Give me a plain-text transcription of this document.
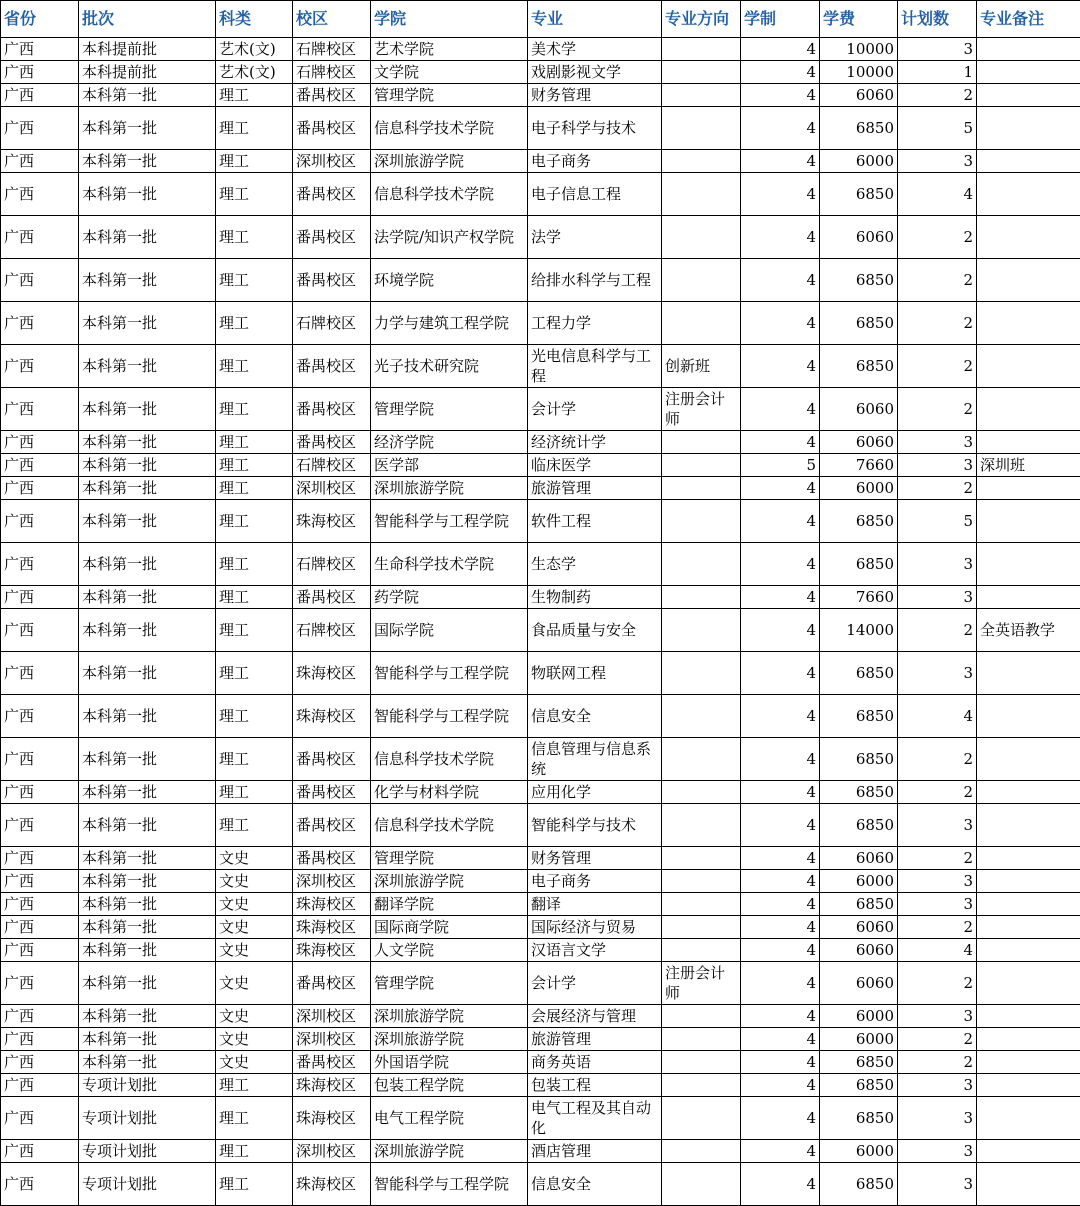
省份	批次	科类	校区	学院	专业	专业方向	学制	学费	计划数	专业备注
广西	本科提前批	艺术(文)	石牌校区	艺术学院	美术学		4	10000	3	
广西	本科提前批	艺术(文)	石牌校区	文学院	戏剧影视文学		4	10000	1	
广西	本科第一批	理工	番禺校区	管理学院	财务管理		4	6060	2	
广西	本科第一批	理工	番禺校区	信息科学技术学院	电子科学与技术		4	6850	5	
广西	本科第一批	理工	深圳校区	深圳旅游学院	电子商务		4	6000	3	
广西	本科第一批	理工	番禺校区	信息科学技术学院	电子信息工程		4	6850	4	
广西	本科第一批	理工	番禺校区	法学院/知识产权学院	法学		4	6060	2	
广西	本科第一批	理工	番禺校区	环境学院	给排水科学与工程		4	6850	2	
广西	本科第一批	理工	石牌校区	力学与建筑工程学院	工程力学		4	6850	2	
广西	本科第一批	理工	番禺校区	光子技术研究院	光电信息科学与工程	创新班	4	6850	2	
广西	本科第一批	理工	番禺校区	管理学院	会计学	注册会计师	4	6060	2	
广西	本科第一批	理工	番禺校区	经济学院	经济统计学		4	6060	3	
广西	本科第一批	理工	石牌校区	医学部	临床医学		5	7660	3	深圳班
广西	本科第一批	理工	深圳校区	深圳旅游学院	旅游管理		4	6000	2	
广西	本科第一批	理工	珠海校区	智能科学与工程学院	软件工程		4	6850	5	
广西	本科第一批	理工	石牌校区	生命科学技术学院	生态学		4	6850	3	
广西	本科第一批	理工	番禺校区	药学院	生物制药		4	7660	3	
广西	本科第一批	理工	石牌校区	国际学院	食品质量与安全		4	14000	2	全英语教学
广西	本科第一批	理工	珠海校区	智能科学与工程学院	物联网工程		4	6850	3	
广西	本科第一批	理工	珠海校区	智能科学与工程学院	信息安全		4	6850	4	
广西	本科第一批	理工	番禺校区	信息科学技术学院	信息管理与信息系统		4	6850	2	
广西	本科第一批	理工	番禺校区	化学与材料学院	应用化学		4	6850	2	
广西	本科第一批	理工	番禺校区	信息科学技术学院	智能科学与技术		4	6850	3	
广西	本科第一批	文史	番禺校区	管理学院	财务管理		4	6060	2	
广西	本科第一批	文史	深圳校区	深圳旅游学院	电子商务		4	6000	3	
广西	本科第一批	文史	珠海校区	翻译学院	翻译		4	6850	3	
广西	本科第一批	文史	珠海校区	国际商学院	国际经济与贸易		4	6060	2	
广西	本科第一批	文史	珠海校区	人文学院	汉语言文学		4	6060	4	
广西	本科第一批	文史	番禺校区	管理学院	会计学	注册会计师	4	6060	2	
广西	本科第一批	文史	深圳校区	深圳旅游学院	会展经济与管理		4	6000	3	
广西	本科第一批	文史	深圳校区	深圳旅游学院	旅游管理		4	6000	2	
广西	本科第一批	文史	番禺校区	外国语学院	商务英语		4	6850	2	
广西	专项计划批	理工	珠海校区	包装工程学院	包装工程		4	6850	3	
广西	专项计划批	理工	珠海校区	电气工程学院	电气工程及其自动化		4	6850	3	
广西	专项计划批	理工	深圳校区	深圳旅游学院	酒店管理		4	6000	3	
广西	专项计划批	理工	珠海校区	智能科学与工程学院	信息安全		4	6850	3	
